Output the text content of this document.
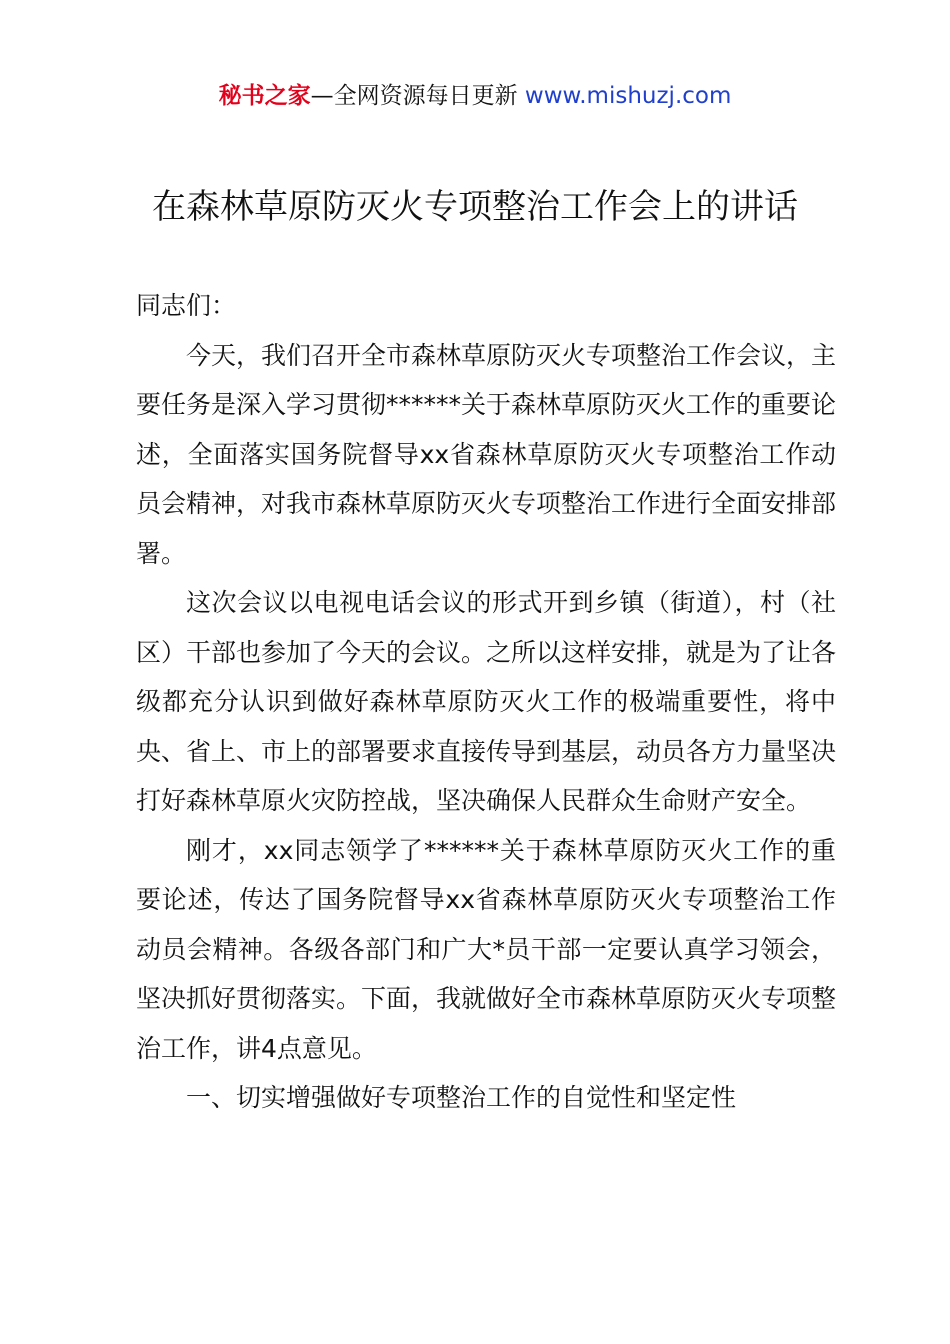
秘书之家—全网资源每日更新 www.mishuzj.com
在森林草原防灭火专项整治工作会上的讲话

同志们：

今天，我们召开全市森林草原防灭火专项整治工作会议，主要任务是深入学习贯彻******关于森林草原防灭火工作的重要论述，全面落实国务院督导xx省森林草原防灭火专项整治工作动员会精神，对我市森林草原防灭火专项整治工作进行全面安排部署。

这次会议以电视电话会议的形式开到乡镇（街道），村（社区）干部也参加了今天的会议。之所以这样安排，就是为了让各级都充分认识到做好森林草原防灭火工作的极端重要性，将中央、省上、市上的部署要求直接传导到基层，动员各方力量坚决打好森林草原火灾防控战，坚决确保人民群众生命财产安全。

刚才，xx同志领学了******关于森林草原防灭火工作的重要论述，传达了国务院督导xx省森林草原防灭火专项整治工作动员会精神。各级各部门和广大*员干部一定要认真学习领会，坚决抓好贯彻落实。下面，我就做好全市森林草原防灭火专项整治工作，讲4点意见。

一、切实增强做好专项整治工作的自觉性和坚定性
